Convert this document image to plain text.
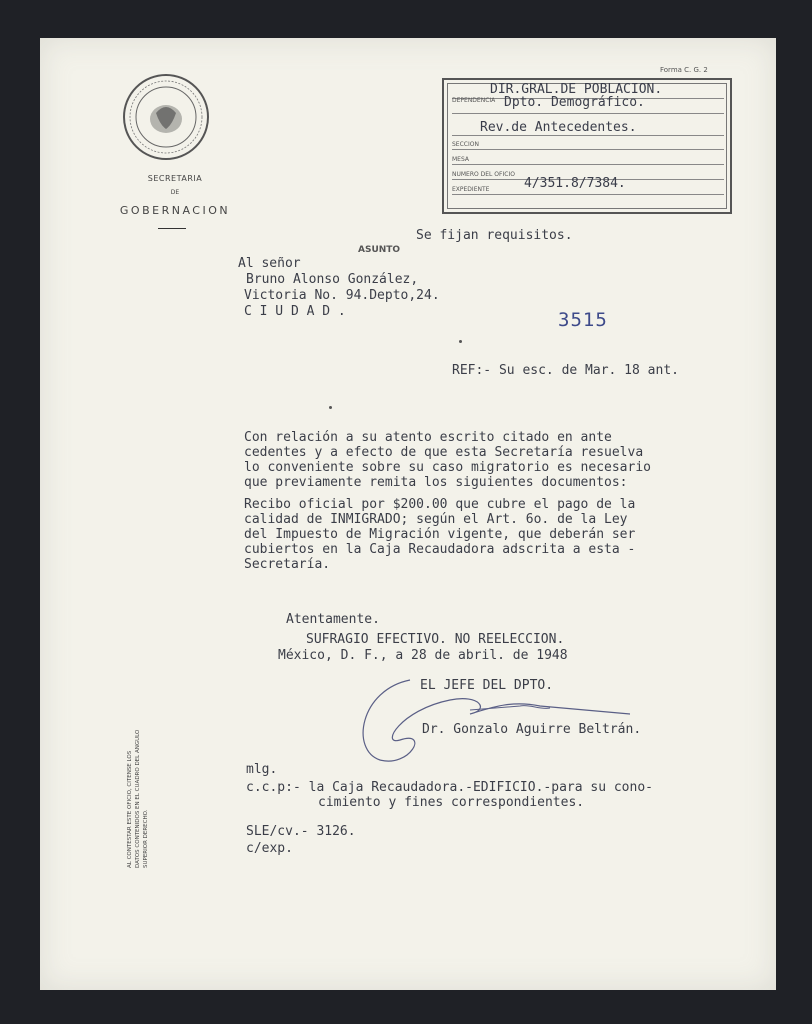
SECRETARIA
DE
GOBERNACION
Forma C. G. 2
DIR.GRAL.DE POBLACION.
DEPENDENCIA Dpto. Demográfico.
Rev.de Antecedentes.
SECCION
MESA
NUMERO DEL OFICIO
EXPEDIENTE	4/351.8/7384.
ASUNTO
Se fijan requisitos.
Al señor
Bruno Alonso González,
Victoria No. 94.Depto,24.
C I U D A D .	3515
REF:- Su esc. de Mar. 18 ant.
Con relación a su atento escrito citado en ante
cedentes y a efecto de que esta Secretaría resuelva
lo conveniente sobre su caso migratorio es necesario
que previamente remita los siguientes documentos:
Recibo oficial por $200.00 que cubre el pago de la
calidad de INMIGRADO; según el Art. 6o. de la Ley
del Impuesto de Migración vigente, que deberán ser
cubiertos en la Caja Recaudadora adscrita a esta -
Secretaría.
Atentamente.
SUFRAGIO EFECTIVO. NO REELECCION.
México, D. F., a 28 de abril. de 1948
EL JEFE DEL DPTO.
Dr. Gonzalo Aguirre Beltrán.
mlg.
c.c.p:- la Caja Recaudadora.-EDIFICIO.-para su cono-
cimiento y fines correspondientes.
SLE/cv.- 3126.
c/exp.
AL CONTESTAR ESTE OFICIO, CITENSE LOS DATOS CONTENIDOS EN EL CUADRO DEL ANGULO SUPERIOR DERECHO.
